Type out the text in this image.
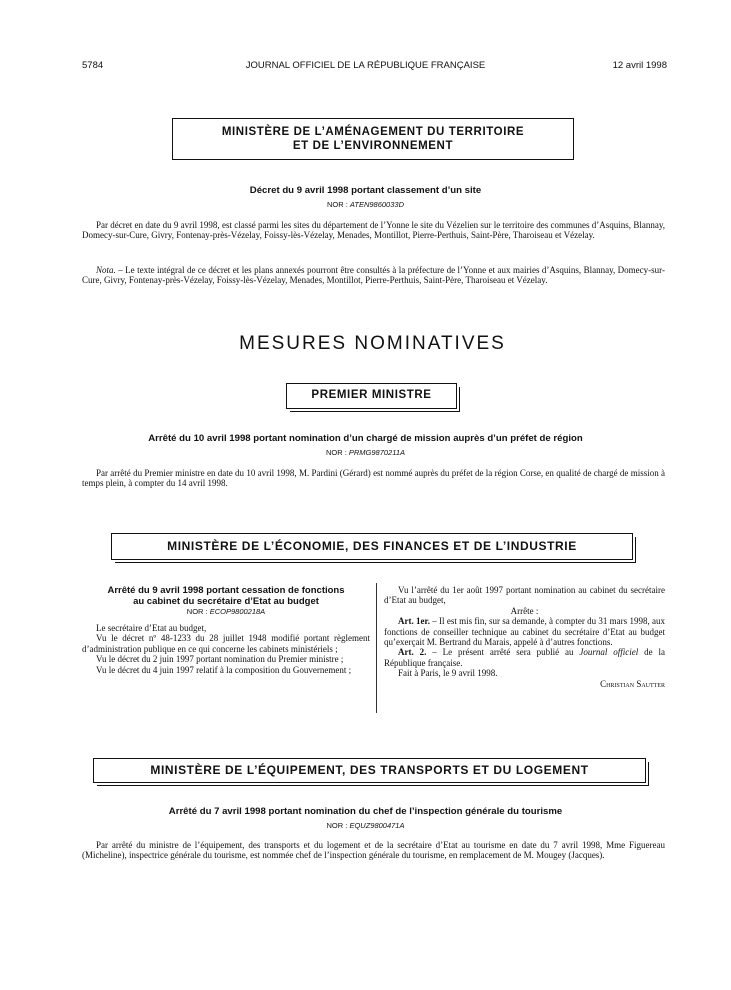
5784	JOURNAL OFFICIEL DE LA RÉPUBLIQUE FRANÇAISE	12 avril 1998
MINISTÈRE DE L’AMÉNAGEMENT DU TERRITOIRE
ET DE L’ENVIRONNEMENT
Décret du 9 avril 1998 portant classement d’un site
NOR : ATEN9860033D
Par décret en date du 9 avril 1998, est classé parmi les sites du département de l’Yonne le site du Vézelien sur le territoire des communes d’Asquins, Blannay, Domecy-sur-Cure, Givry, Fontenay-près-Vézelay, Foissy-lès-Vézelay, Menades, Montillot, Pierre-Perthuis, Saint-Père, Tharoiseau et Vézelay.
Nota. – Le texte intégral de ce décret et les plans annexés pourront être consultés à la préfecture de l’Yonne et aux mairies d’Asquins, Blannay, Domecy-sur-Cure, Givry, Fontenay-près-Vézelay, Foissy-lès-Vézelay, Menades, Montillot, Pierre-Perthuis, Saint-Père, Tharoiseau et Vézelay.
MESURES NOMINATIVES
PREMIER MINISTRE
Arrêté du 10 avril 1998 portant nomination d’un chargé de mission auprès d’un préfet de région
NOR : PRMG9870211A
Par arrêté du Premier ministre en date du 10 avril 1998, M. Pardini (Gérard) est nommé auprès du préfet de la région Corse, en qualité de chargé de mission à temps plein, à compter du 14 avril 1998.
MINISTÈRE DE L’ÉCONOMIE, DES FINANCES ET DE L’INDUSTRIE
Arrêté du 9 avril 1998 portant cessation de fonctions
au cabinet du secrétaire d’Etat au budget
NOR : ECOP9800218A

Le secrétaire d’Etat au budget,

Vu le décret nº 48-1233 du 28 juillet 1948 modifié portant règlement d’administration publique en ce qui concerne les cabinets ministériels ;

Vu le décret du 2 juin 1997 portant nomination du Premier ministre ;

Vu le décret du 4 juin 1997 relatif à la composition du Gouvernement ;

Vu l’arrêté du 1er août 1997 portant nomination au cabinet du secrétaire d’Etat au budget,

Arrête :

Art. 1er. – Il est mis fin, sur sa demande, à compter du 31 mars 1998, aux fonctions de conseiller technique au cabinet du secrétaire d’Etat au budget qu’exerçait M. Bertrand du Marais, appelé à d’autres fonctions.

Art. 2. – Le présent arrêté sera publié au Journal officiel de la République française.

Fait à Paris, le 9 avril 1998.

Christian Sautter

MINISTÈRE DE L’ÉQUIPEMENT, DES TRANSPORTS ET DU LOGEMENT
Arrêté du 7 avril 1998 portant nomination du chef de l’inspection générale du tourisme
NOR : EQUZ9800471A
Par arrêté du ministre de l’équipement, des transports et du logement et de la secrétaire d’Etat au tourisme en date du 7 avril 1998, Mme Figuereau (Micheline), inspectrice générale du tourisme, est nommée chef de l’inspection générale du tourisme, en remplacement de M. Mougey (Jacques).
